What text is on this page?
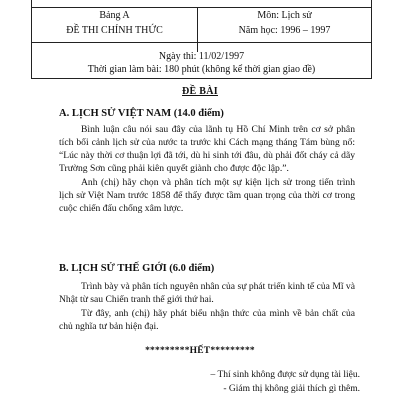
Bảng A
ĐỀ THI CHÍNH THỨC
Môn: Lịch sử
Năm học: 1996 – 1997
Ngày thi: 11/02/1997
Thời gian làm bài: 180 phút (không kể thời gian giao đề)
ĐỀ BÀI
A. LỊCH SỬ VIỆT NAM (14.0 điểm)
Bình luận câu nói sau đây của lãnh tụ Hồ Chí Minh trên cơ sở phân tích bối cảnh lịch sử của nước ta trước khi Cách mạng tháng Tám bùng nổ: “Lúc này thời cơ thuận lợi đã tới, dù hi sinh tới đâu, dù phải đốt cháy cả dãy Trường Sơn cũng phải kiên quyết giành cho được độc lập.”.
Anh (chị) hãy chọn và phân tích một sự kiện lịch sử trong tiến trình lịch sử Việt Nam trước 1858 để thấy được tầm quan trọng của thời cơ trong cuộc chiến đấu chống xâm lược.
B. LỊCH SỬ THẾ GIỚI (6.0 điểm)
Trình bày và phân tích nguyên nhân của sự phát triển kinh tế của Mĩ và Nhật từ sau Chiến tranh thế giới thứ hai.
Từ đây, anh (chị) hãy phát biểu nhận thức của mình về bản chất của chủ nghĩa tư bản hiện đại.
*********HẾT*********
– Thí sinh không được sử dụng tài liệu.
- Giám thị không giải thích gì thêm.
